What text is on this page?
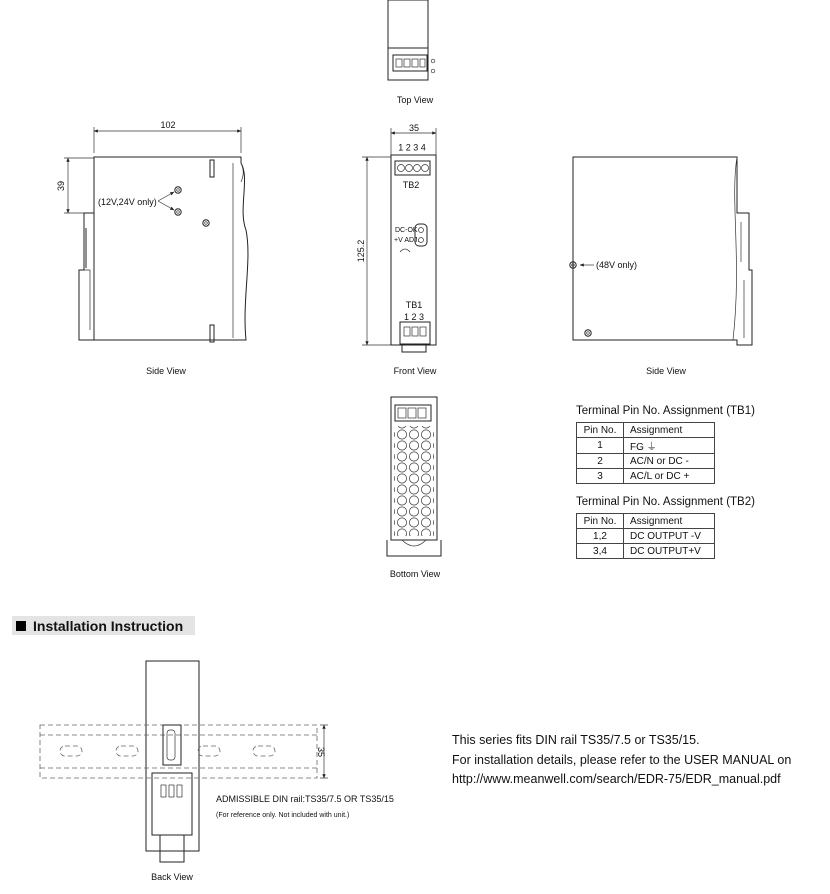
Top View
102
39
(12V,24V only)
Side View
35
125.2
1 2 3 4
TB2
DC-OK
+V ADJ.
TB1
1 2 3
Front View
(48V only)
Side View
Bottom View
35
ADMISSIBLE DIN rail:TS35/7.5 OR TS35/15
(For reference only. Not included with unit.)
Back View
Terminal Pin No. Assignment (TB1)
Pin No.	Assignment
1	FG ⏚
2	AC/N or DC -
3	AC/L or DC +
Terminal Pin No. Assignment (TB2)
Pin No.	Assignment
1,2	DC OUTPUT -V
3,4	DC OUTPUT+V
Installation Instruction
This series fits DIN rail TS35/7.5 or TS35/15.
For installation details, please refer to the USER MANUAL on
http://www.meanwell.com/search/EDR-75/EDR_manual.pdf
